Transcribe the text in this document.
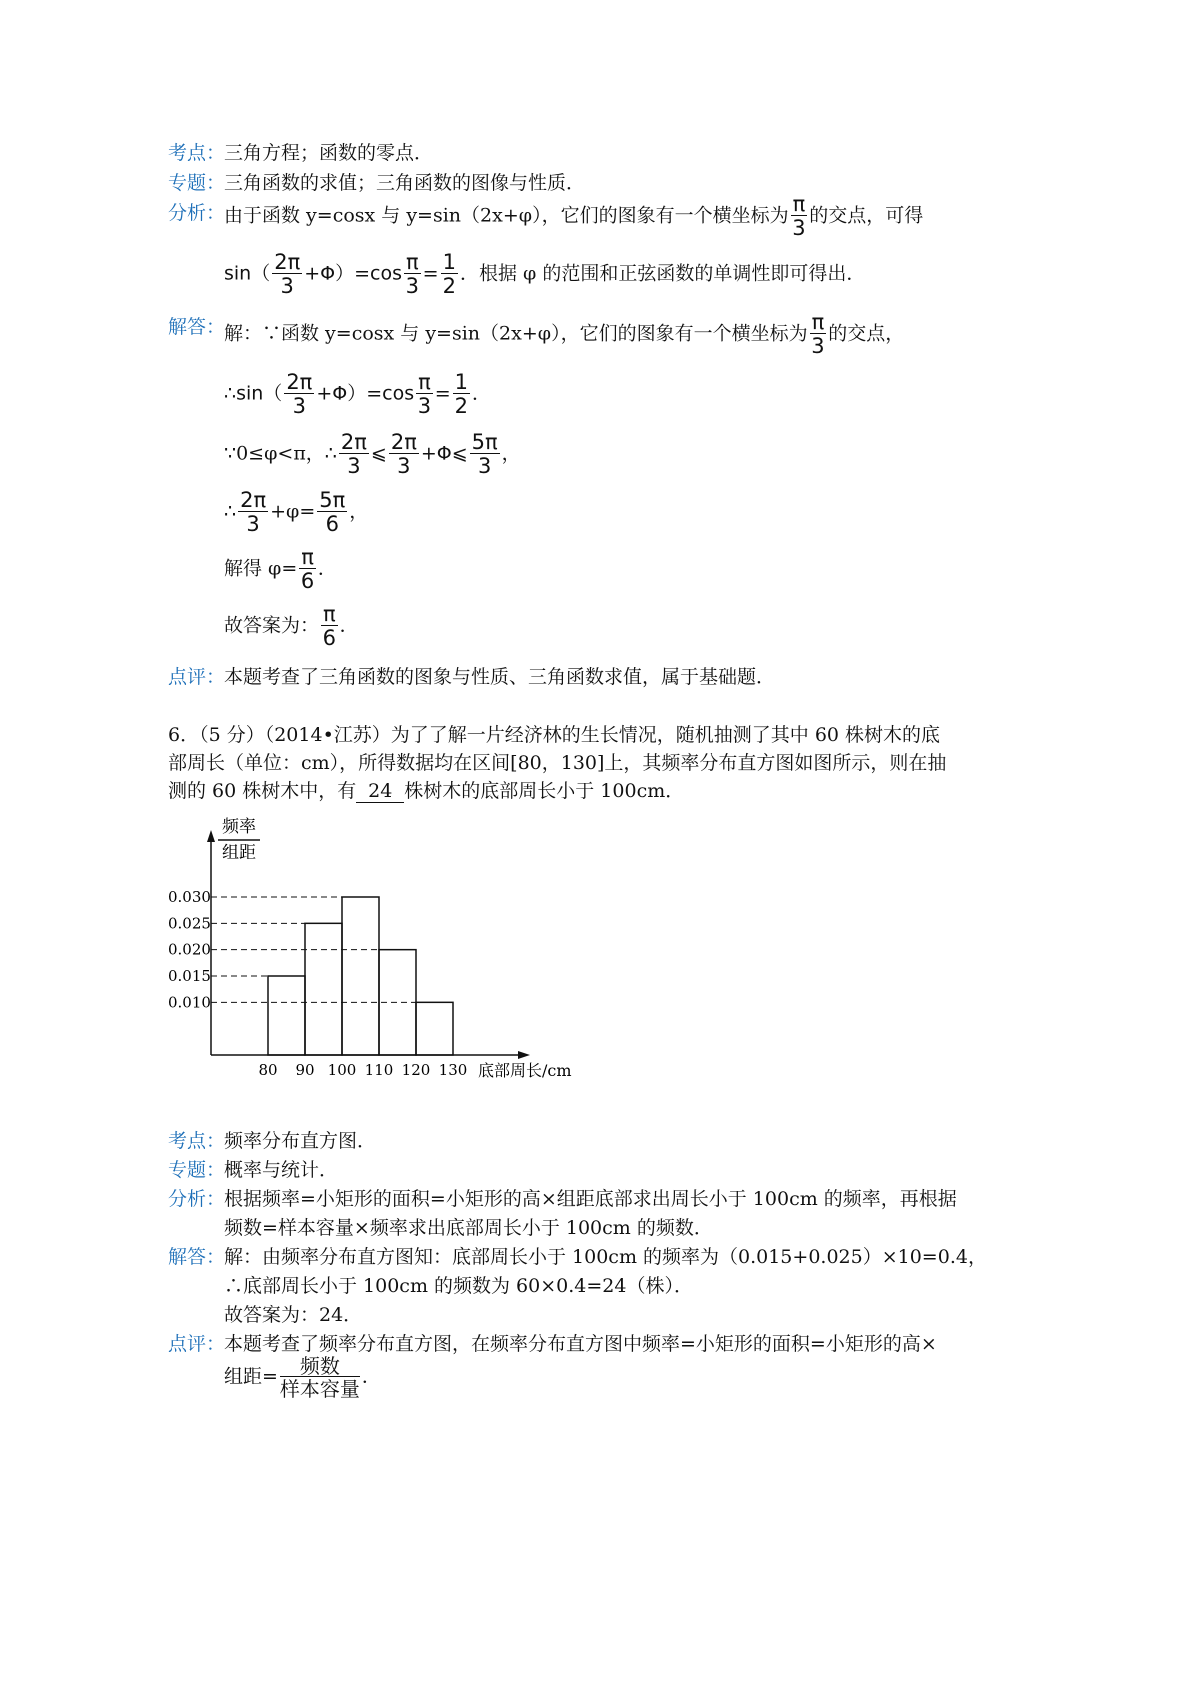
考点：
三角方程；函数的零点．
专题：
三角函数的求值；三角函数的图像与性质．
分析：
由于函数 y=cosx 与 y=sin（2x+φ），它们的图象有一个横坐标为 $\frac{\pi}{3}$ 的交点，可得
$\sin( \frac{2\pi}{3} +\Phi)=\cos \frac{\pi}{3} = \frac{1}{2}$ ．根据 φ 的范围和正弦函数的单调性即可得出．
解答：
解：∵函数 y=cosx 与 y=sin（2x+φ），它们的图象有一个横坐标为 $\frac{\pi}{3}$ 的交点，
∴sin（ $\frac{2\pi}{3} +\Phi)=\cos \frac{\pi}{3} = \frac{1}{2}$ ．
∵0≤φ<π，∴ $\frac{2\pi}{3}$ ⩽ $\frac{2\pi}{3}$ +Φ⩽ $\frac{5\pi}{3}$ ，
∴ $\frac{2\pi}{3} +\varphi= \frac{5\pi}{6}$ ，
解得 $\varphi= \frac{\pi}{6}$ ．
故答案为： $\frac{\pi}{6}$ ．
点评：
本题考查了三角函数的图象与性质、三角函数求值，属于基础题．
6．（5 分）（2014•江苏）为了了解一片经济林的生长情况，随机抽测了其中 60 株树木的底
部周长（单位：cm），所得数据均在区间[80，130]上，其频率分布直方图如图所示，则在抽
测的 60 株树木中，有 24 株树木的底部周长小于 100cm．
频率
组距
底部周长/cm
0.030
0.025
0.020
0.015
0.010
80 90 100 110 120 130
考点：
频率分布直方图．
专题：
概率与统计．
分析：
根据频率=小矩形的面积=小矩形的高×组距底部求出周长小于 100cm 的频率，再根据
频数=样本容量×频率求出底部周长小于 100cm 的频数．
解答：
解：由频率分布直方图知：底部周长小于 100cm 的频率为（0.015+0.025）×10=0.4，
∴底部周长小于 100cm 的频数为 60×0.4=24（株）．
故答案为：24．
点评：
本题考查了频率分布直方图，在频率分布直方图中频率=小矩形的面积=小矩形的高×
组距=	频数
样本容量
．
